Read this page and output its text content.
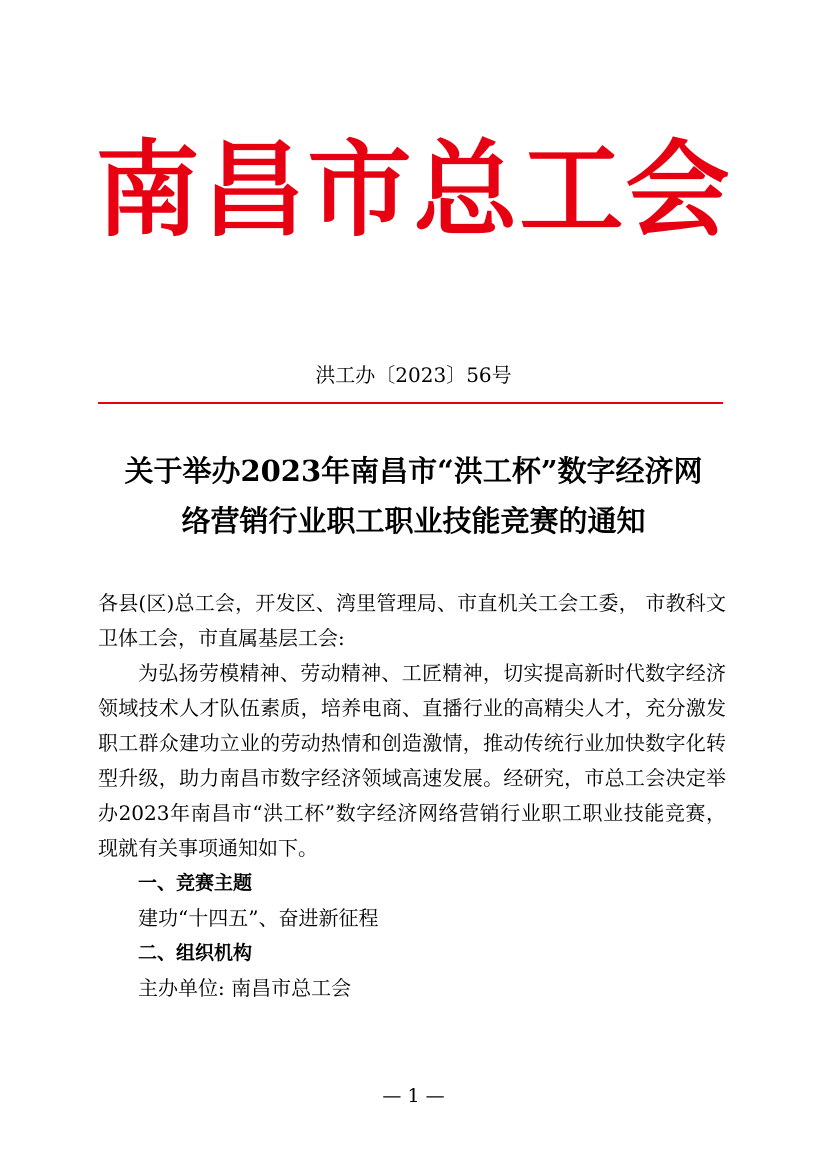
南昌市总工会
洪工办〔2023〕56号
关于举办2023年南昌市“洪工杯”数字经济网
络营销行业职工职业技能竞赛的通知

各县(区)总工会，开发区、湾里管理局、市直机关工会工委， 市教科文卫体工会，市直属基层工会:

为弘扬劳模精神、劳动精神、工匠精神，切实提高新时代数字经济领域技术人才队伍素质，培养电商、直播行业的高精尖人才，充分激发职工群众建功立业的劳动热情和创造激情，推动传统行业加快数字化转型升级，助力南昌市数字经济领域高速发展。经研究，市总工会决定举办2023年南昌市“洪工杯”数字经济网络营销行业职工职业技能竞赛，现就有关事项通知如下。

一、竞赛主题

建功“十四五”、奋进新征程

二、组织机构

主办单位: 南昌市总工会

— 1 —
